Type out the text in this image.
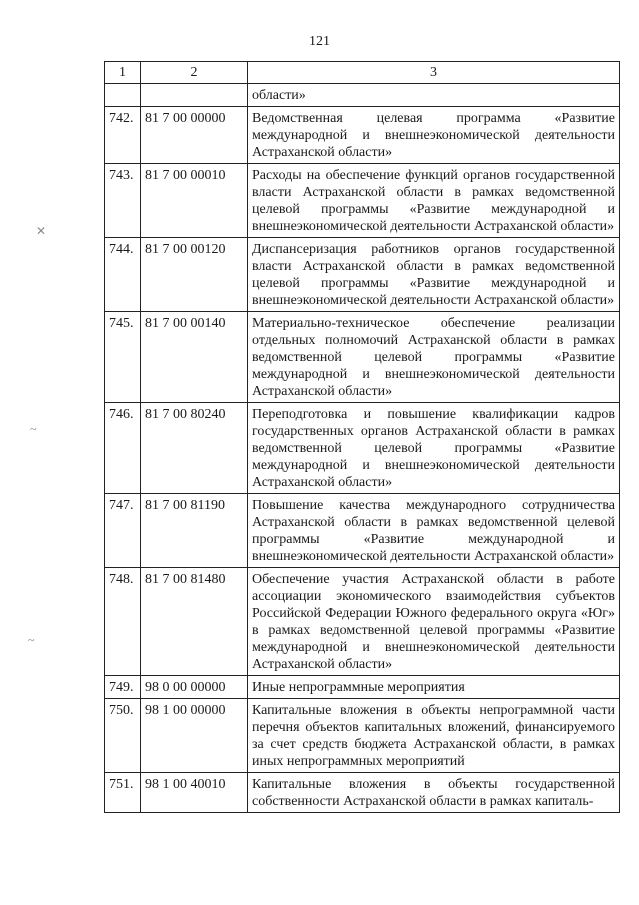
121
✕
~
~
1	2	3
		области»
742.	81 7 00 00000	Ведомственная целевая программа «Развитие международной и внешнеэкономической деятельности Астраханской области»
743.	81 7 00 00010	Расходы на обеспечение функций органов государственной власти Астраханской области в рамках ведомственной целевой программы «Развитие международной и внешнеэкономической деятельности Астраханской области»
744.	81 7 00 00120	Диспансеризация работников органов государственной власти Астраханской области в рамках ведомственной целевой программы «Развитие международной и внешнеэкономической деятельности Астраханской области»
745.	81 7 00 00140	Материально-техническое обеспечение реализации отдельных полномочий Астраханской области в рамках ведомственной целевой программы «Развитие международной и внешнеэкономической деятельности Астраханской области»
746.	81 7 00 80240	Переподготовка и повышение квалификации кадров государственных органов Астраханской области в рамках ведомственной целевой программы «Развитие международной и внешнеэкономической деятельности Астраханской области»
747.	81 7 00 81190	Повышение качества международного сотрудничества Астраханской области в рамках ведомственной целевой программы «Развитие международной и внешнеэкономической деятельности Астраханской области»
748.	81 7 00 81480	Обеспечение участия Астраханской области в работе ассоциации экономического взаимодействия субъектов Российской Федерации Южного федерального округа «Юг» в рамках ведомственной целевой программы «Развитие международной и внешнеэкономической деятельности Астраханской области»
749.	98 0 00 00000	Иные непрограммные мероприятия
750.	98 1 00 00000	Капитальные вложения в объекты непрограммной части перечня объектов капитальных вложений, финансируемого за счет средств бюджета Астраханской области, в рамках иных непрограммных мероприятий
751.	98 1 00 40010	Капитальные вложения в объекты государственной собственности Астраханской области в рамках капиталь-
